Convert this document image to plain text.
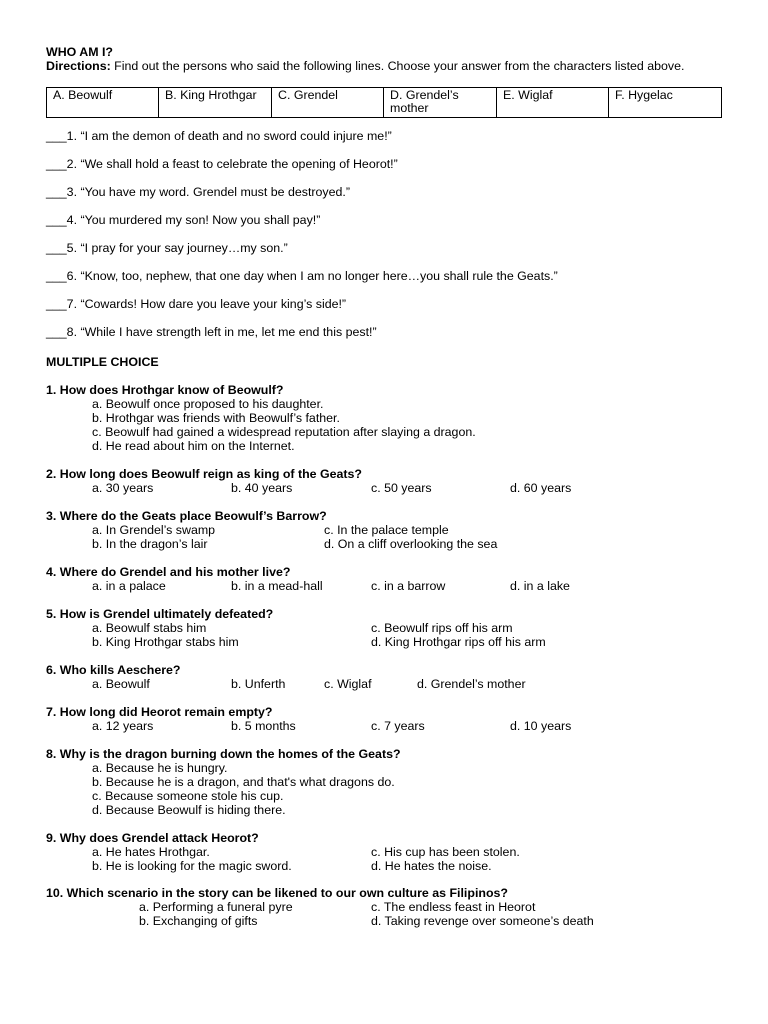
WHO AM I?
Directions: Find out the persons who said the following lines. Choose your answer from the characters listed above.
A. Beowulf	B. King Hrothgar	C. Grendel	D. Grendel’s mother	E. Wiglaf	F. Hygelac
___1. “I am the demon of death and no sword could injure me!”
___2. “We shall hold a feast to celebrate the opening of Heorot!”
___3. “You have my word. Grendel must be destroyed.”
___4. “You murdered my son! Now you shall pay!”
___5. “I pray for your say journey…my son.”
___6. “Know, too, nephew, that one day when I am no longer here…you shall rule the Geats.”
___7. “Cowards! How dare you leave your king’s side!”
___8. “While I have strength left in me, let me end this pest!”
MULTIPLE CHOICE
1. How does Hrothgar know of Beowulf?
a. Beowulf once proposed to his daughter.
b. Hrothgar was friends with Beowulf’s father.
c. Beowulf had gained a widespread reputation after slaying a dragon.
d. He read about him on the Internet.
2. How long does Beowulf reign as king of the Geats?
a. 30 years	b. 40 years	c. 50 years	d. 60 years
3. Where do the Geats place Beowulf’s Barrow?
a. In Grendel’s swamp	c. In the palace temple
b. In the dragon’s lair	d. On a cliff overlooking the sea
4. Where do Grendel and his mother live?
a. in a palace	b. in a mead-hall	c. in a barrow	d. in a lake
5. How is Grendel ultimately defeated?
a. Beowulf stabs him	c. Beowulf rips off his arm
b. King Hrothgar stabs him	d. King Hrothgar rips off his arm
6. Who kills Aeschere?
a. Beowulf	b. Unferth	c. Wiglaf	d. Grendel’s mother
7. How long did Heorot remain empty?
a. 12 years	b. 5 months	c. 7 years	d. 10 years
8. Why is the dragon burning down the homes of the Geats?
a. Because he is hungry.
b. Because he is a dragon, and that's what dragons do.
c. Because someone stole his cup.
d. Because Beowulf is hiding there.
9. Why does Grendel attack Heorot?
a. He hates Hrothgar.	c. His cup has been stolen.
b. He is looking for the magic sword.	d. He hates the noise.
10. Which scenario in the story can be likened to our own culture as Filipinos?
a. Performing a funeral pyre	c. The endless feast in Heorot
b. Exchanging of gifts	d. Taking revenge over someone’s death
